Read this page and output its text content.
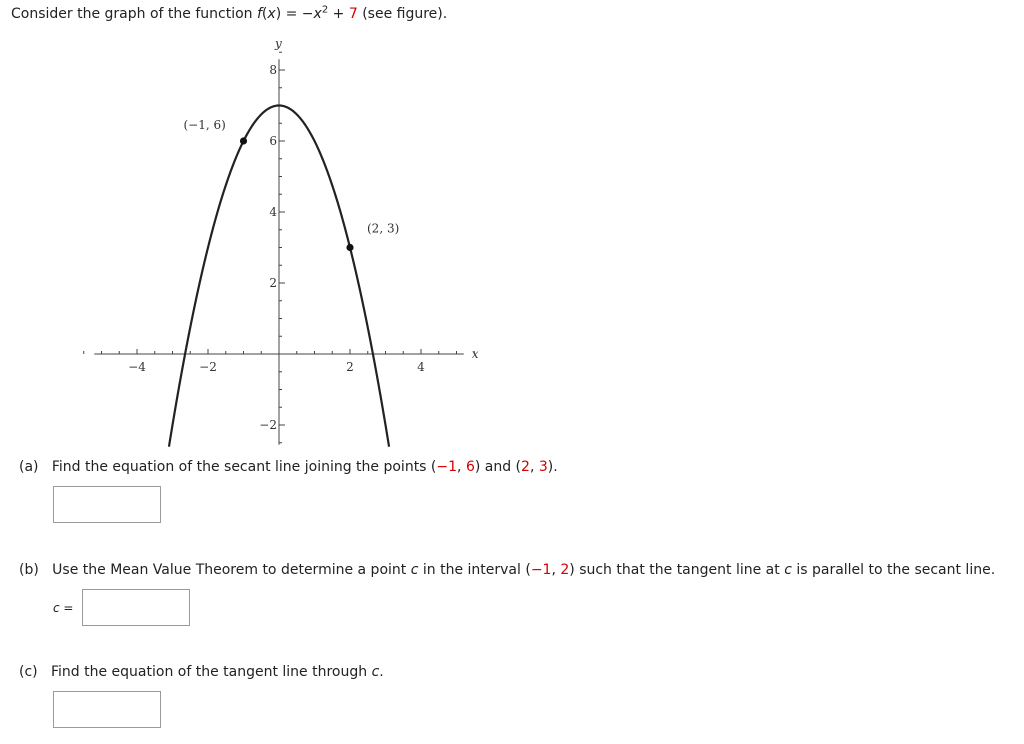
Consider the graph of the function $f(x) = -x^2 + 7$ (see figure).
(−1, 6)
(2, 3)
x
y
−4	−2	2	4
8
6
4
2
−2
(a) Find the equation of the secant line joining the points (−1, 6) and (2, 3).
(b) Use the Mean Value Theorem to determine a point c in the interval (−1, 2) such that the tangent line at c is parallel to the secant line.
c =
(c) Find the equation of the tangent line through c.
